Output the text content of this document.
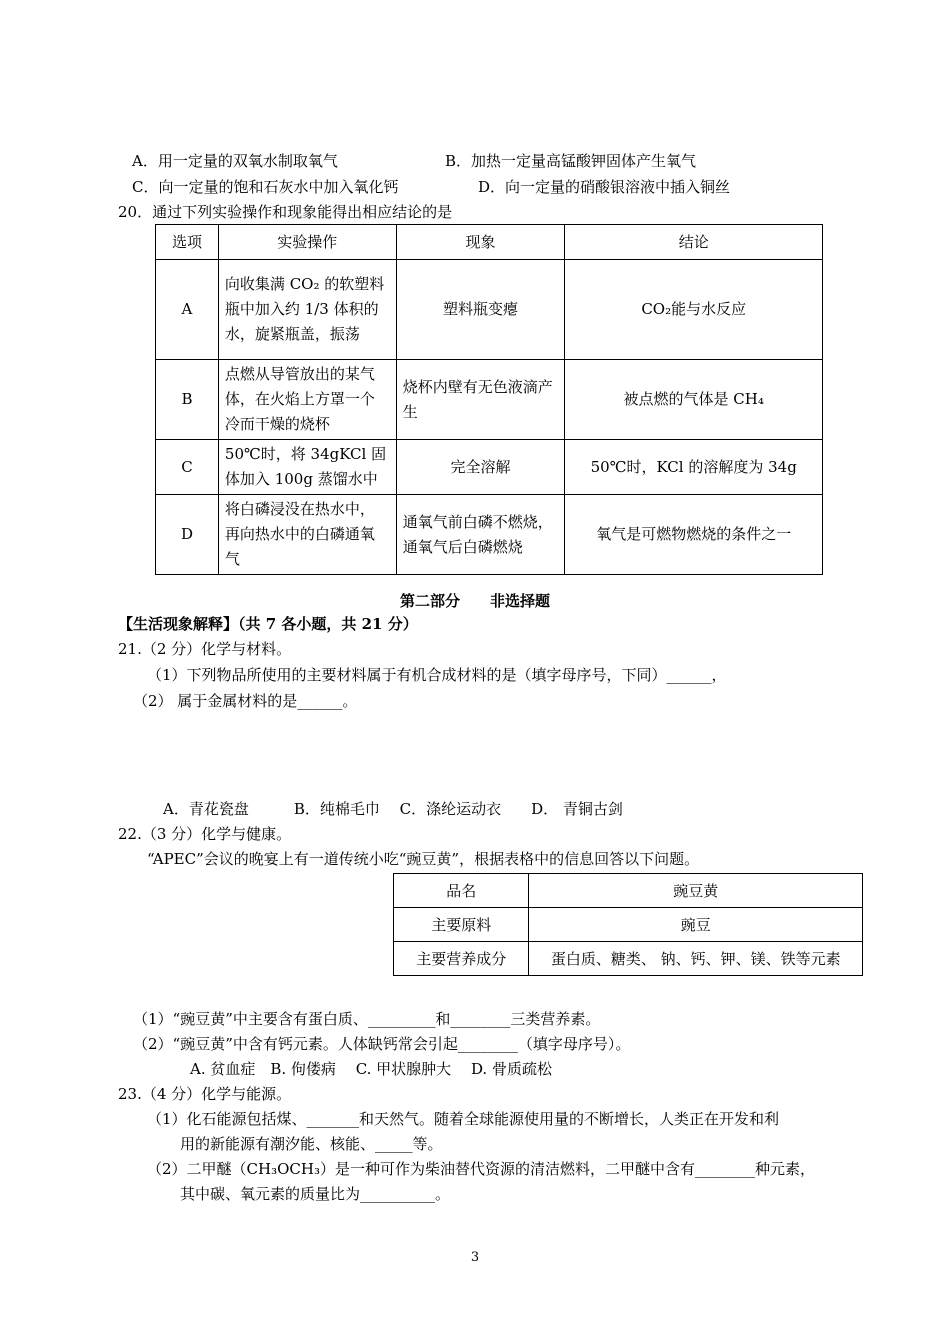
A．用一定量的双氧水制取氧气	B．加热一定量高锰酸钾固体产生氧气
C．向一定量的饱和石灰水中加入氧化钙	D．向一定量的硝酸银溶液中插入铜丝
20．通过下列实验操作和现象能得出相应结论的是
选项	实验操作	现象	结论
A	向收集满 CO₂ 的软塑料瓶中加入约 1/3 体积的水，旋紧瓶盖，振荡	塑料瓶变瘪	CO₂能与水反应
B	点燃从导管放出的某气体，在火焰上方罩一个冷而干燥的烧杯	烧杯内壁有无色液滴产生	被点燃的气体是 CH₄
C	50℃时，将 34gKCl 固体加入 100g 蒸馏水中	完全溶解	50℃时，KCl 的溶解度为 34g
D	将白磷浸没在热水中，再向热水中的白磷通氧气	通氧气前白磷不燃烧，通氧气后白磷燃烧	氧气是可燃物燃烧的条件之一
第二部分　　非选择题
【生活现象解释】（共 7 各小题，共 21 分）
21.（2 分）化学与材料。
（1）下列物品所使用的主要材料属于有机合成材料的是（填字母序号，下同）______，
（2） 属于金属材料的是______。
A．青花瓷盘　　　B．纯棉毛巾　 C．涤纶运动衣　　D． 青铜古剑
22.（3 分）化学与健康。
“APEC”会议的晚宴上有一道传统小吃“豌豆黄”，根据表格中的信息回答以下问题。
品名	豌豆黄
主要原料	豌豆
主要营养成分	蛋白质、糖类、 钠、钙、钾、镁、铁等元素
（1）“豌豆黄”中主要含有蛋白质、_________和________三类营养素。
（2）“豌豆黄”中含有钙元素。人体缺钙常会引起________（填字母序号）。
A. 贫血症　B. 佝偻病　 C. 甲状腺肿大　 D. 骨质疏松
23.（4 分）化学与能源。
（1）化石能源包括煤、_______和天然气。随着全球能源使用量的不断增长，人类正在开发和利
用的新能源有潮汐能、核能、_____等。
（2）二甲醚（CH₃OCH₃）是一种可作为柴油替代资源的清洁燃料，二甲醚中含有________种元素，
其中碳、氧元素的质量比为__________。
3
